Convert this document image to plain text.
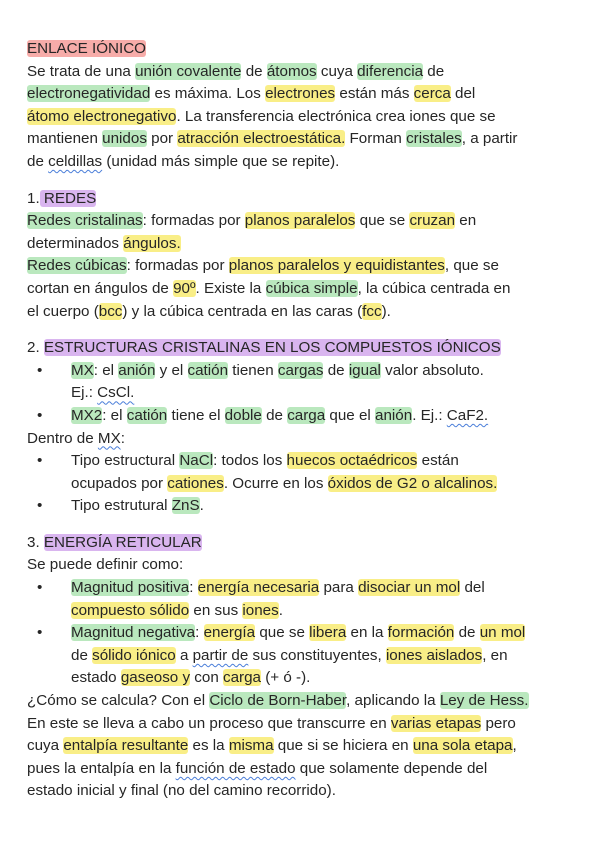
ENLACE IÓNICO
Se trata de una unión covalente de átomos cuya diferencia de
electronegatividad es máxima. Los electrones están más cerca del
átomo electronegativo. La transferencia electrónica crea iones que se
mantienen unidos por atracción electroestática. Forman cristales, a partir
de celdillas (unidad más simple que se repite).
1. REDES
Redes cristalinas: formadas por planos paralelos que se cruzan en
determinados ángulos.
Redes cúbicas: formadas por planos paralelos y equidistantes, que se
cortan en ángulos de 90º. Existe la cúbica simple, la cúbica centrada en
el cuerpo (bcc) y la cúbica centrada en las caras (fcc).
2. ESTRUCTURAS CRISTALINAS EN LOS COMPUESTOS IÓNICOS
• MX: el anión y el catión tienen cargas de igual valor absoluto.
Ej.: CsCl.
• MX2: el catión tiene el doble de carga que el anión. Ej.: CaF2.
Dentro de MX:
• Tipo estructural NaCl: todos los huecos octaédricos están
ocupados por cationes. Ocurre en los óxidos de G2 o alcalinos.
• Tipo estrutural ZnS.
3. ENERGÍA RETICULAR
Se puede definir como:
• Magnitud positiva: energía necesaria para disociar un mol del
compuesto sólido en sus iones.
• Magnitud negativa: energía que se libera en la formación de un mol
de sólido iónico a partir de sus constituyentes, iones aislados, en
estado gaseoso y con carga (+ ó -).
¿Cómo se calcula? Con el Ciclo de Born-Haber, aplicando la Ley de Hess.
En este se lleva a cabo un proceso que transcurre en varias etapas pero
cuya entalpía resultante es la misma que si se hiciera en una sola etapa,
pues la entalpía en la función de estado que solamente depende del
estado inicial y final (no del camino recorrido).
